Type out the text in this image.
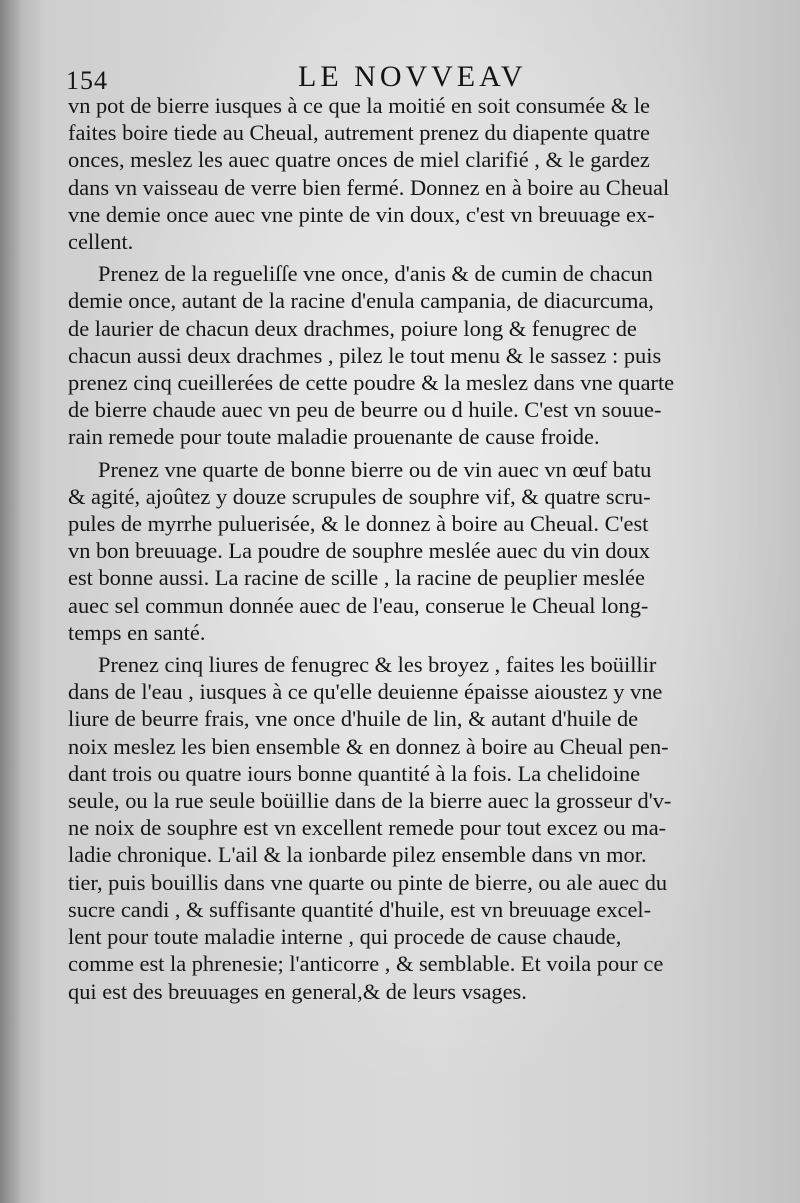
154	LE NOVVEAV
vn pot de bierre iusques à ce que la moitié en soit consumée & le
faites boire tiede au Cheual, autrement prenez du diapente quatre
onces, meslez les auec quatre onces de miel clarifié , & le gardez
dans vn vaisseau de verre bien fermé. Donnez en à boire au Cheual
vne demie once auec vne pinte de vin doux, c'est vn breuuage ex-
cellent.
Prenez de la regueliſſe vne once, d'anis & de cumin de chacun
demie once, autant de la racine d'enula campania, de diacurcuma,
de laurier de chacun deux drachmes, poiure long & fenugrec de
chacun aussi deux drachmes , pilez le tout menu & le sassez : puis
prenez cinq cueillerées de cette poudre & la meslez dans vne quarte
de bierre chaude auec vn peu de beurre ou d huile. C'est vn souue-
rain remede pour toute maladie prouenante de cause froide.
Prenez vne quarte de bonne bierre ou de vin auec vn œuf batu
& agité, ajoûtez y douze scrupules de souphre vif, & quatre scru-
pules de myrrhe puluerisée, & le donnez à boire au Cheual. C'est
vn bon breuuage. La poudre de souphre meslée auec du vin doux
est bonne aussi. La racine de scille , la racine de peuplier meslée
auec sel commun donnée auec de l'eau, conserue le Cheual long-
temps en santé.
Prenez cinq liures de fenugrec & les broyez , faites les boüillir
dans de l'eau , iusques à ce qu'elle deuienne épaisse aioustez y vne
liure de beurre frais, vne once d'huile de lin, & autant d'huile de
noix meslez les bien ensemble & en donnez à boire au Cheual pen-
dant trois ou quatre iours bonne quantité à la fois. La chelidoine
seule, ou la rue seule boüillie dans de la bierre auec la grosseur d'v-
ne noix de souphre est vn excellent remede pour tout excez ou ma-
ladie chronique. L'ail & la ionbarde pilez ensemble dans vn mor.
tier, puis bouillis dans vne quarte ou pinte de bierre, ou ale auec du
sucre candi , & suffisante quantité d'huile, est vn breuuage excel-
lent pour toute maladie interne , qui procede de cause chaude,
comme est la phrenesie; l'anticorre , & semblable. Et voila pour ce
qui est des breuuages en general,& de leurs vsages.
